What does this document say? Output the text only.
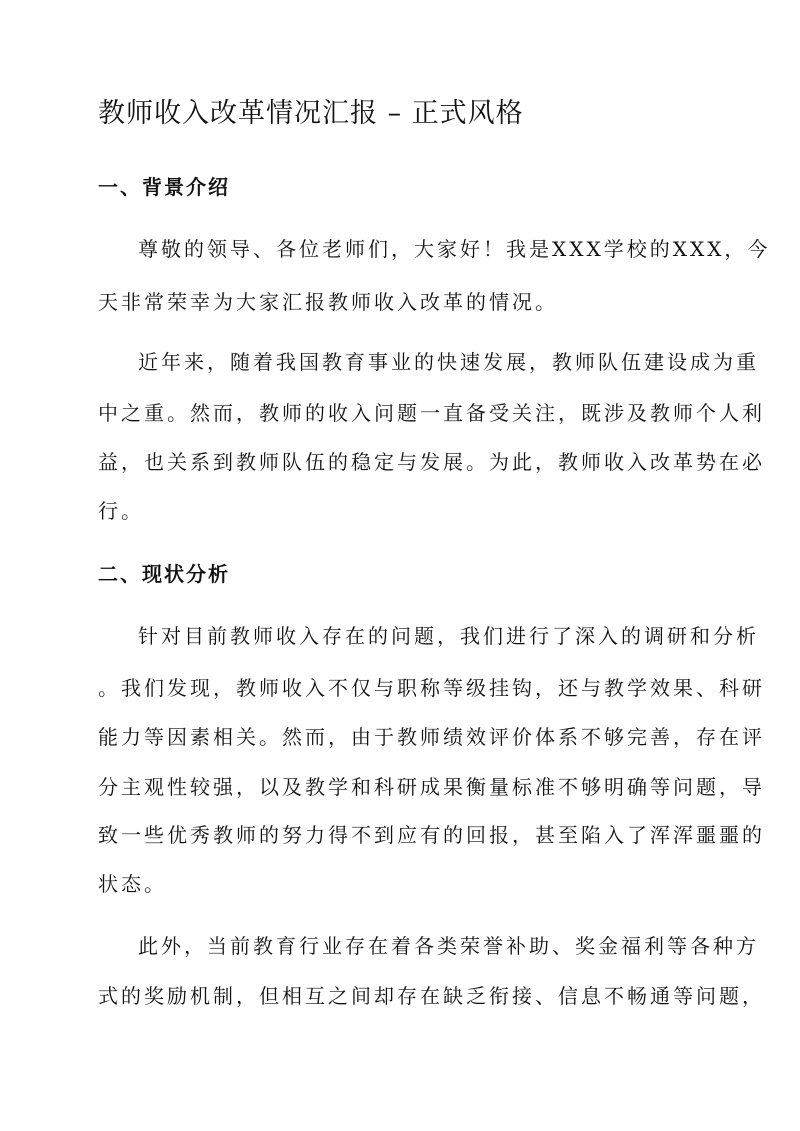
教师收入改革情况汇报 – 正式风格
一、背景介绍
尊敬的领导、各位老师们，大家好！我是XXX学校的XXX，今
天非常荣幸为大家汇报教师收入改革的情况。
近年来，随着我国教育事业的快速发展，教师队伍建设成为重
中之重。然而，教师的收入问题一直备受关注，既涉及教师个人利
益，也关系到教师队伍的稳定与发展。为此，教师收入改革势在必
行。
二、现状分析
针对目前教师收入存在的问题，我们进行了深入的调研和分析
。我们发现，教师收入不仅与职称等级挂钩，还与教学效果、科研
能力等因素相关。然而，由于教师绩效评价体系不够完善，存在评
分主观性较强，以及教学和科研成果衡量标准不够明确等问题，导
致一些优秀教师的努力得不到应有的回报，甚至陷入了浑浑噩噩的
状态。
此外，当前教育行业存在着各类荣誉补助、奖金福利等各种方
式的奖励机制，但相互之间却存在缺乏衔接、信息不畅通等问题，
